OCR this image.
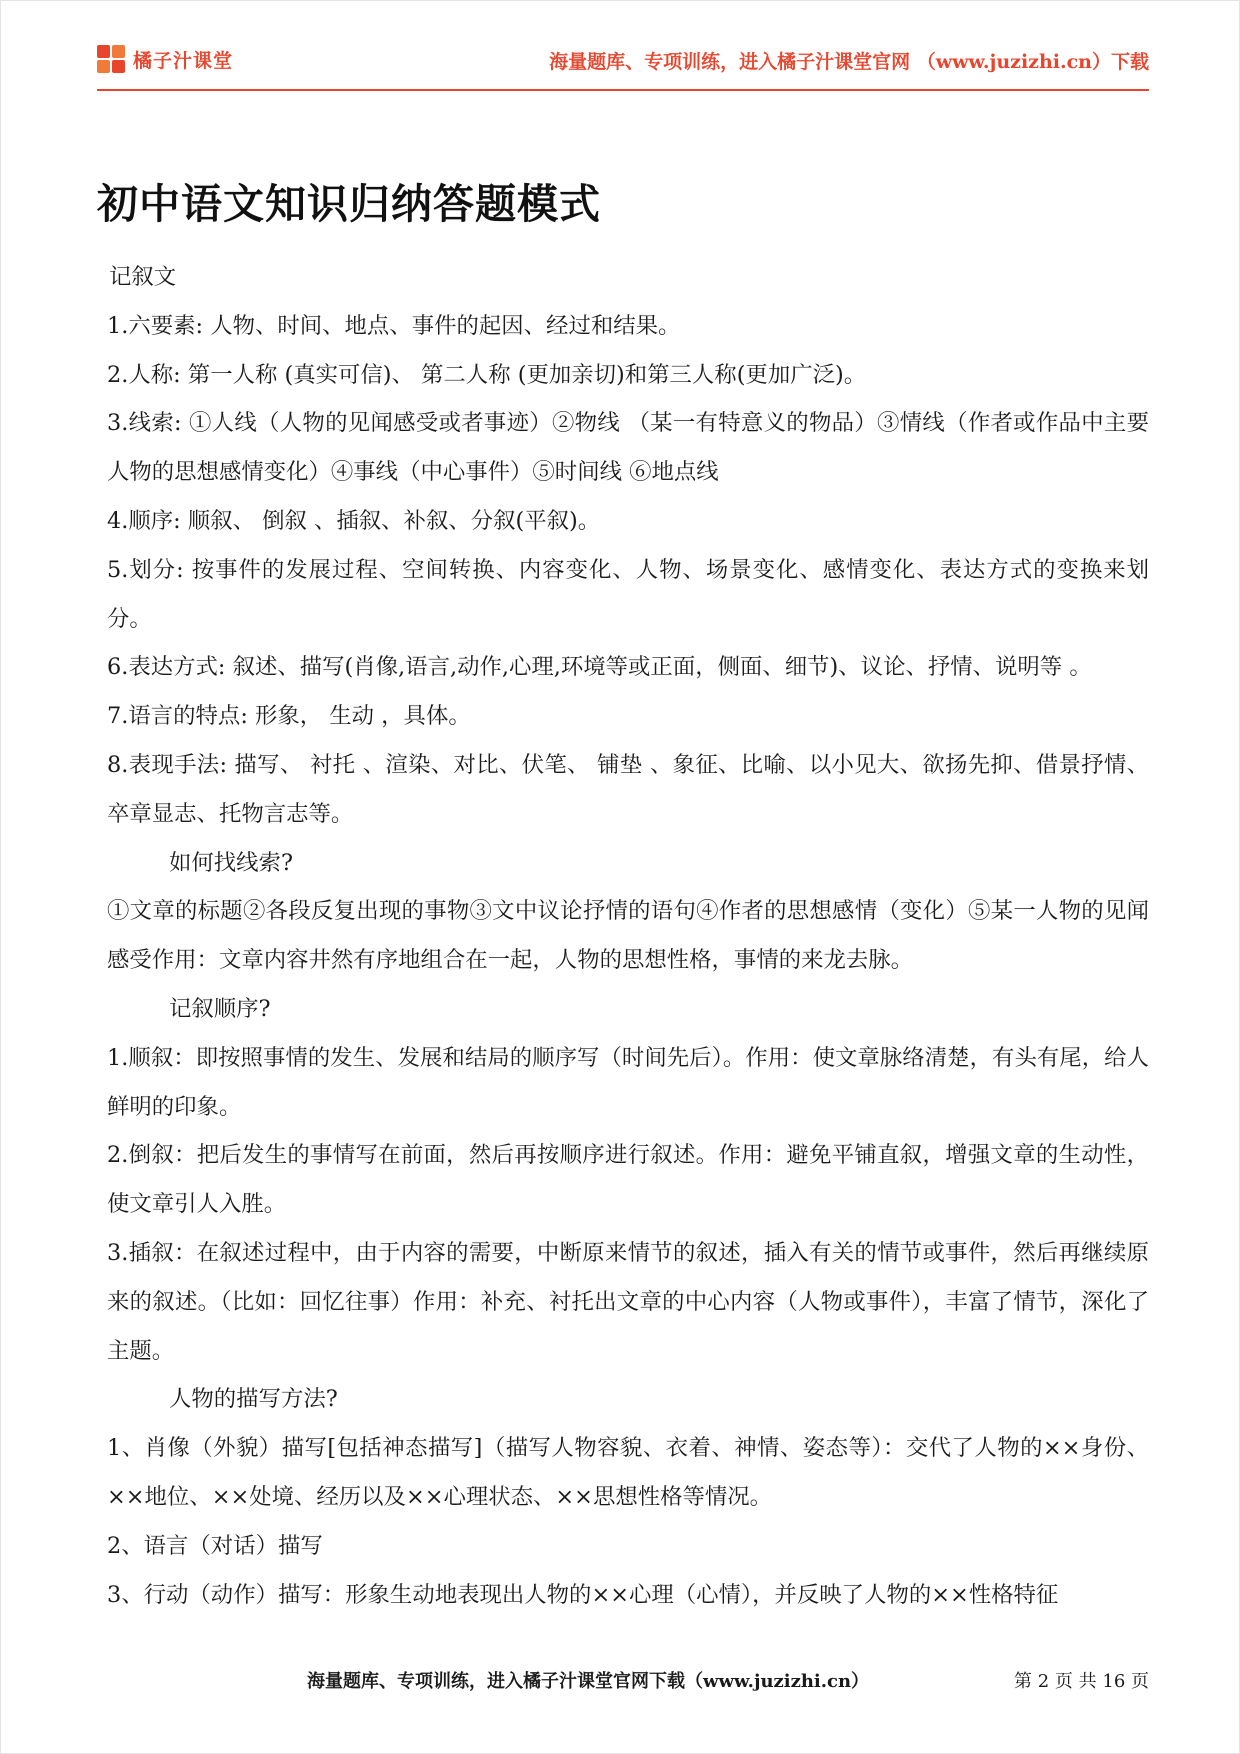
橘子汁课堂	海量题库、专项训练，进入橘子汁课堂官网 （www.juzizhi.cn）下载
初中语文知识归纳答题模式

记叙文

1.六要素: 人物、时间、地点、事件的起因、经过和结果。

2.人称: 第一人称 (真实可信)、 第二人称 (更加亲切)和第三人称(更加广泛)。

3.线索: ①人线（人物的见闻感受或者事迹）②物线 （某一有特意义的物品）③情线（作者或作品中主要人物的思想感情变化）④事线（中心事件）⑤时间线 ⑥地点线

4.顺序: 顺叙、 倒叙 、插叙、补叙、分叙(平叙)。

5.划分: 按事件的发展过程、空间转换、内容变化、人物、场景变化、感情变化、表达方式的变换来划分。

6.表达方式: 叙述、描写(肖像,语言,动作,心理,环境等或正面，侧面、细节)、议论、抒情、说明等 。

7.语言的特点: 形象， 生动 ，具体。

8.表现手法: 描写、 衬托 、渲染、对比、伏笔、 铺垫 、象征、比喻、以小见大、欲扬先抑、借景抒情、卒章显志、托物言志等。

如何找线索?

①文章的标题②各段反复出现的事物③文中议论抒情的语句④作者的思想感情（变化）⑤某一人物的见闻感受作用：文章内容井然有序地组合在一起，人物的思想性格，事情的来龙去脉。

记叙顺序?

1.顺叙：即按照事情的发生、发展和结局的顺序写（时间先后）。作用：使文章脉络清楚，有头有尾，给人鲜明的印象。

2.倒叙：把后发生的事情写在前面，然后再按顺序进行叙述。作用：避免平铺直叙，增强文章的生动性，使文章引人入胜。

3.插叙：在叙述过程中，由于内容的需要，中断原来情节的叙述，插入有关的情节或事件，然后再继续原来的叙述。（比如：回忆往事）作用：补充、衬托出文章的中心内容（人物或事件），丰富了情节，深化了主题。

人物的描写方法?

1、肖像（外貌）描写[包括神态描写]（描写人物容貌、衣着、神情、姿态等）：交代了人物的××身份、××地位、××处境、经历以及××心理状态、××思想性格等情况。

2、语言（对话）描写

3、行动（动作）描写：形象生动地表现出人物的××心理（心情），并反映了人物的××性格特征

海量题库、专项训练，进入橘子汁课堂官网下载（www.juzizhi.cn）	第 2 页 共 16 页
